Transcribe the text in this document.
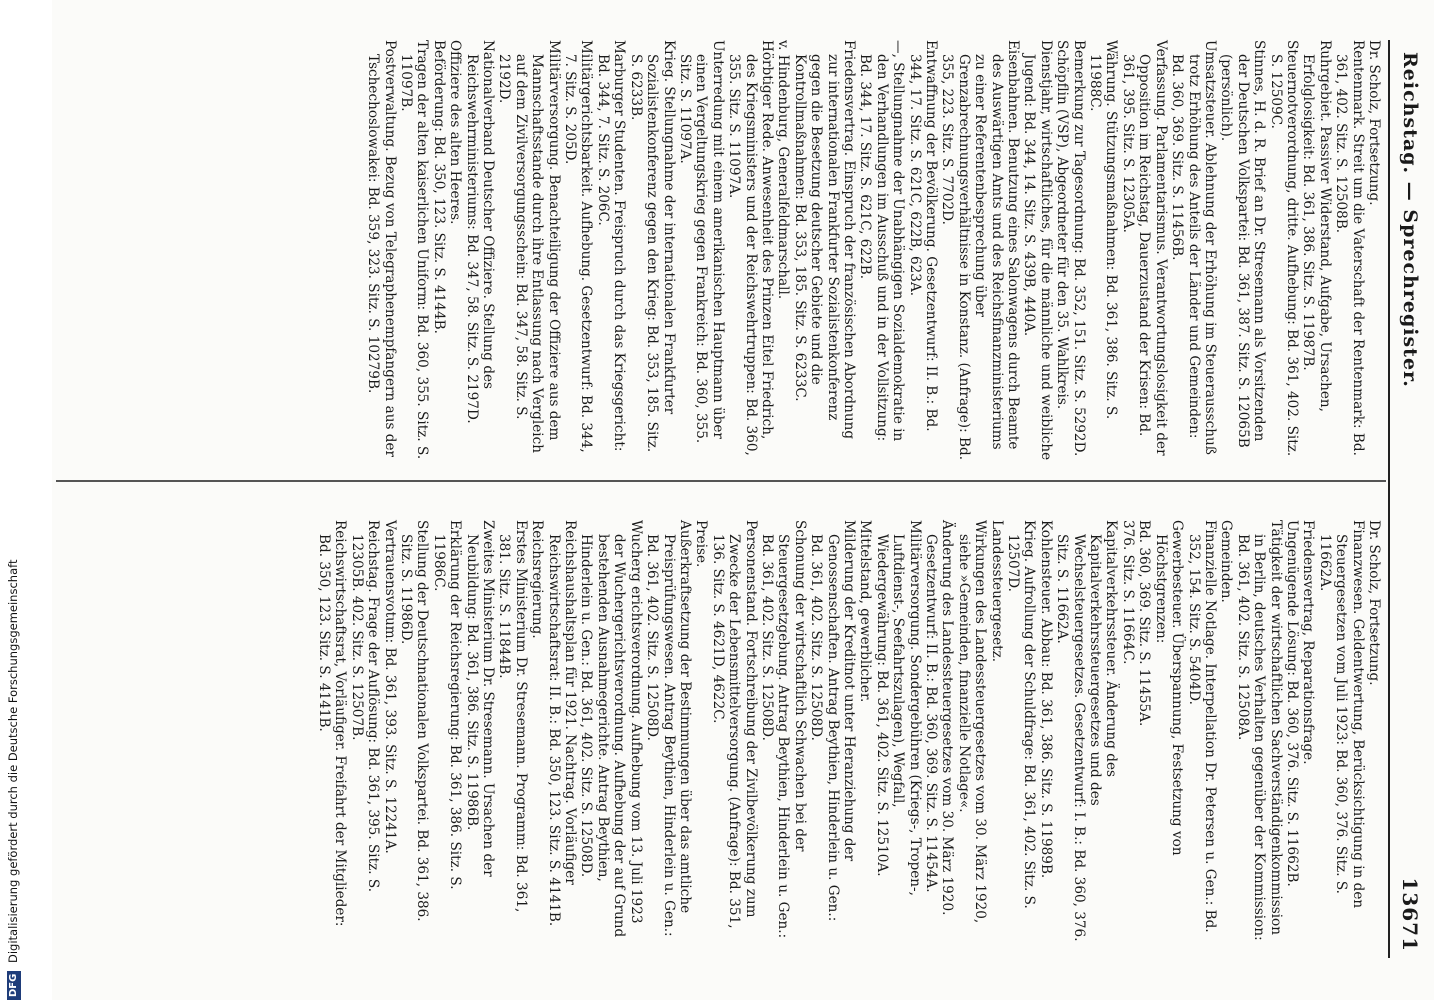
Reichstag. — Sprechregister.
13671

Dr. Scholz, Fortsetzung.

Finanzwesen. Geldentwertung, Berücksichtigung in den Steuergesetzen vom Juli 1923: Bd. 360, 376. Sitz. S. 11662A.

Friedensvertrag, Reparationsfrage.

Ungenügende Lösung: Bd. 360, 376. Sitz. S. 11662B.

Tätigkeit der wirtschaftlichen Sachverständigenkommission in Berlin, deutsches Verhalten gegenüber der Kommission: Bd. 361, 402. Sitz. S. 12508A.

Gemeinden.

Finanzielle Notlage. Interpellation Dr. Petersen u. Gen.: Bd. 352, 154. Sitz. S. 5404D.

Gewerbesteuer. Überspannung, Festsetzung von Höchstgrenzen:

Bd. 360, 369. Sitz. S. 11455A.

376. Sitz. S. 11664C.

Kapitalverkehrssteuer. Änderung des Kapitalverkehrssteuergesetzes und des Wechselsteuergesetzes. Gesetzentwurf: I. B.: Bd. 360, 376. Sitz. S. 11662A.

Kohlensteuer. Abbau: Bd. 361, 386. Sitz. S. 11989B.

Krieg. Aufrollung der Schuldfrage: Bd. 361, 402. Sitz. S. 12507D.

Landessteuergesetz.

Wirkungen des Landessteuergesetzes vom 30. März 1920, siehe »Gemeinden, finanzielle Notlage«.

Änderung des Landessteuergesetzes vom 30. März 1920. Gesetzentwurf: II. B.: Bd. 360, 369. Sitz. S. 11454A.

Militärversorgung. Sondergebühren (Kriegs-, Tropen-, Luftdienst-, Seefahrtszulagen), Wegfall, Wiedergewährung: Bd. 361, 402. Sitz. S. 12510A.

Mittelstand, gewerblicher.

Milderung der Kreditnot unter Heranziehung der Genossenschaften. Antrag Beythien, Hinderlein u. Gen.: Bd. 361, 402. Sitz. S. 12508D.

Schonung der wirtschaftlich Schwachen bei der Steuergesetzgebung. Antrag Beythien, Hinderlein u. Gen.: Bd. 361, 402. Sitz. S. 12508D.

Personenstand. Fortschreibung der Zivilbevölkerung zum Zwecke der Lebensmittelversorgung. (Anfrage): Bd. 351, 136. Sitz. S. 4621D, 4622C.

Preise.

Außerkraftsetzung der Bestimmungen über das amtliche Preisprüfungswesen. Antrag Beythien, Hinderlein u. Gen.: Bd. 361, 402. Sitz. S. 12508D.

Wucherg erichtsverordnung. Aufhebung vom 13. Juli 1923 der Wuchergerichtsverordnung. Aufhebung der auf Grund bestehenden Ausnahmegerichte. Antrag Beythien, Hinderlein u. Gen.: Bd. 361, 402. Sitz. S. 12508D.

Reichshaushaltsplan für 1921. Nachtrag. Vorläufiger Reichswirtschaftsrat: II. B.: Bd. 350, 123. Sitz. S. 4141B.

Reichsregierung.

Erstes Ministerium Dr. Stresemann. Programm: Bd. 361, 381. Sitz. S. 11844B.

Zweites Ministerium Dr. Stresemann. Ursachen der Neubildung: Bd. 361, 386. Sitz. S. 11986B.

Erklärung der Reichsregierung: Bd. 361, 386. Sitz. S. 11986C.

Stellung der Deutschnationalen Volkspartei. Bd. 361, 386. Sitz. S. 11986D.

Vertrauensvotum: Bd. 361, 393. Sitz. S. 12241A.

Reichstag. Frage der Auflösung: Bd. 361, 395. Sitz. S. 12305B. 402. Sitz. S. 12507B.

Reichswirtschaftsrat, Vorläufiger. Freifahrt der Mitglieder: Bd. 350, 123. Sitz. S. 4141B.

Dr. Scholz, Fortsetzung.

Rentenmark. Streit um die Vaterschaft der Rentenmark: Bd. 361, 402. Sitz. S. 12508B.

Ruhrgebiet. Passiver Widerstand, Aufgabe, Ursachen, Erfolglosigkeit: Bd. 361, 386. Sitz. S. 11987B.

Steuernotverordnung, dritte. Aufhebung: Bd. 361, 402. Sitz. S. 12509C.

Stinnes, H. d. R. Brief an Dr. Stresemann als Vorsitzenden der Deutschen Volkspartei: Bd. 361, 387. Sitz. S. 12065B (persönlich).

Umsatzsteuer. Ablehnung der Erhöhung im Steuerausschuß trotz Erhöhung des Anteils der Länder und Gemeinden: Bd. 360, 369. Sitz. S. 11456B.

Verfassung. Parlamentarismus. Verantwortungslosigkeit der Opposition im Reichstag, Dauerzustand der Krisen: Bd. 361, 395. Sitz. S. 12305A.

Währung. Stützungsmaßnahmen: Bd. 361, 386. Sitz. S. 11988C.

Bemerkung zur Tagesordnung: Bd. 352, 151. Sitz. S. 5292D.

Schöpflin (VSP), Abgeordneter für den 35. Wahlkreis.

Dienstjahr, wirtschaftliches, für die männliche und weibliche Jugend: Bd. 344, 14. Sitz. S. 439B, 440A.

Eisenbahnen. Benutzung eines Salonwagens durch Beamte des Auswärtigen Amts und des Reichsfinanzministeriums zu einer Referentenbesprechung über Grenzabrechnungsverhältnisse in Konstanz. (Anfrage): Bd. 355, 223. Sitz. S. 7702D.

Entwaffnung der Bevölkerung. Gesetzentwurf: II. B.: Bd. 344, 17. Sitz. S. 621C, 622B, 623A.

—, Stellungnahme der Unabhängigen Sozialdemokratie in den Verhandlungen im Ausschuß und in der Vollsitzung: Bd. 344, 17. Sitz. S. 621C, 622B.

Friedensvertrag. Einspruch der französischen Abordnung zur internationalen Frankfurter Sozialistenkonferenz gegen die Besetzung deutscher Gebiete und die Kontrollmaßnahmen: Bd. 353, 185. Sitz. S. 6233C.

v. Hindenburg, Generalfeldmarschall.

Hörbtiger Rede. Anwesenheit des Prinzen Eitel Friedrich, des Kriegsministers und der Reichswehrtruppen: Bd. 360, 355. Sitz. S. 11097A.

Unterredung mit einem amerikanischen Hauptmann über einen Vergeltungskrieg gegen Frankreich: Bd. 360, 355. Sitz. S. 11097A.

Krieg. Stellungnahme der internationalen Frankfurter Sozialistenkonferenz gegen den Krieg: Bd. 353, 185. Sitz. S. 6233B.

Marburger Studenten. Freispruch durch das Kriegsgericht: Bd. 344, 7. Sitz. S. 206C.

Militärgerichtsbarkeit. Aufhebung. Gesetzentwurf: Bd. 344, 7. Sitz. S. 205D.

Militärversorgung. Benachteiligung der Offiziere aus dem Mannschaftsstande durch ihre Entlassung nach Vergleich auf dem Zivilversorgungsschein: Bd. 347, 58. Sitz. S. 2192D.

Nationalverband Deutscher Offiziere. Stellung des Reichswehrministeriums: Bd. 347, 58. Sitz. S. 2197D.

Offiziere des alten Heeres.

Beförderung: Bd. 350, 123. Sitz. S. 4144B.

Tragen der alten kaiserlichen Uniform: Bd. 360, 355. Sitz. S. 11097B.

Postverwaltung. Bezug von Telegraphenempfangern aus der Tschechoslowakei: Bd. 359, 323. Sitz. S. 10279B.

DFG Digitalisierung gefördert durch die Deutsche Forschungsgemeinschaft
